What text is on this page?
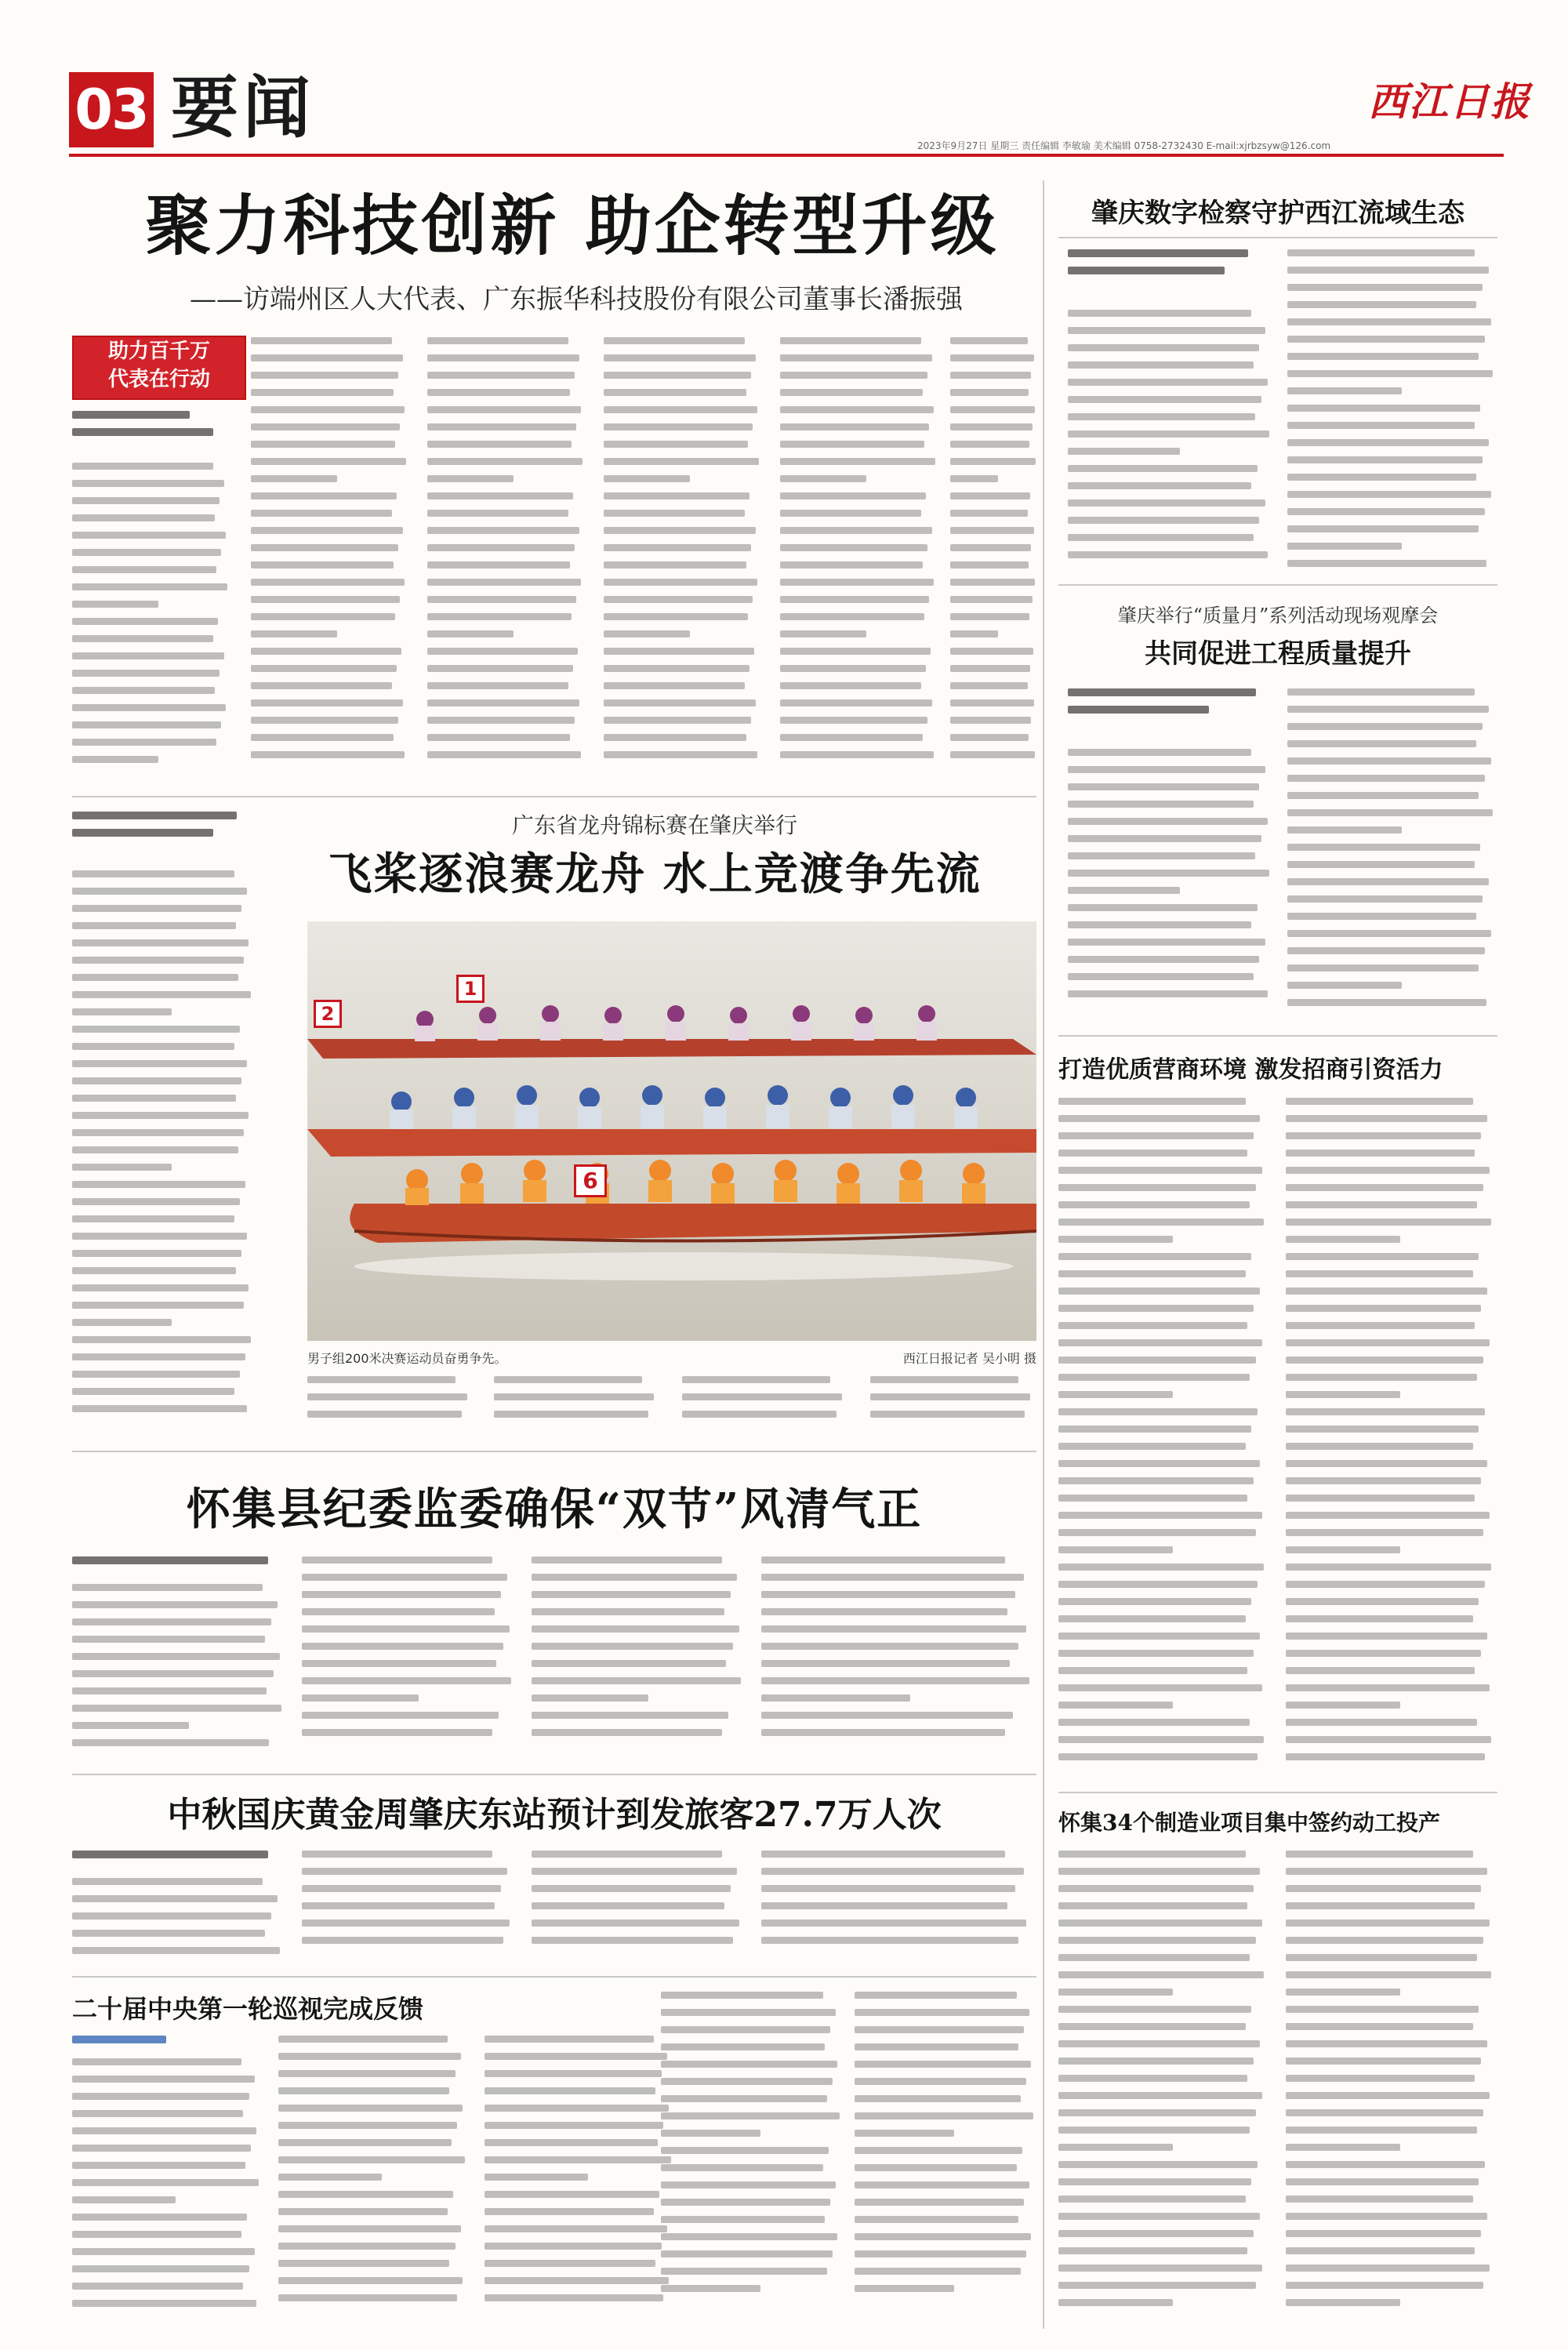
03 要闻	西江日报
2023年9月27日 星期三 责任编辑 李敏瑜 美术编辑 0758-2732430 E-mail:xjrbzsyw@126.com
聚力科技创新 助企转型升级
——访端州区人大代表、广东振华科技股份有限公司董事长潘振强
助力百千万
代表在行动
肇庆数字检察守护西江流域生态
肇庆举行“质量月”系列活动现场观摩会
共同促进工程质量提升
打造优质营商环境 激发招商引资活力
怀集34个制造业项目集中签约动工投产
广东省龙舟锦标赛在肇庆举行
飞桨逐浪赛龙舟 水上竞渡争先流
1
2
6
男子组200米决赛运动员奋勇争先。	西江日报记者 吴小明 摄
怀集县纪委监委确保“双节”风清气正
中秋国庆黄金周肇庆东站预计到发旅客27.7万人次
二十届中央第一轮巡视完成反馈
